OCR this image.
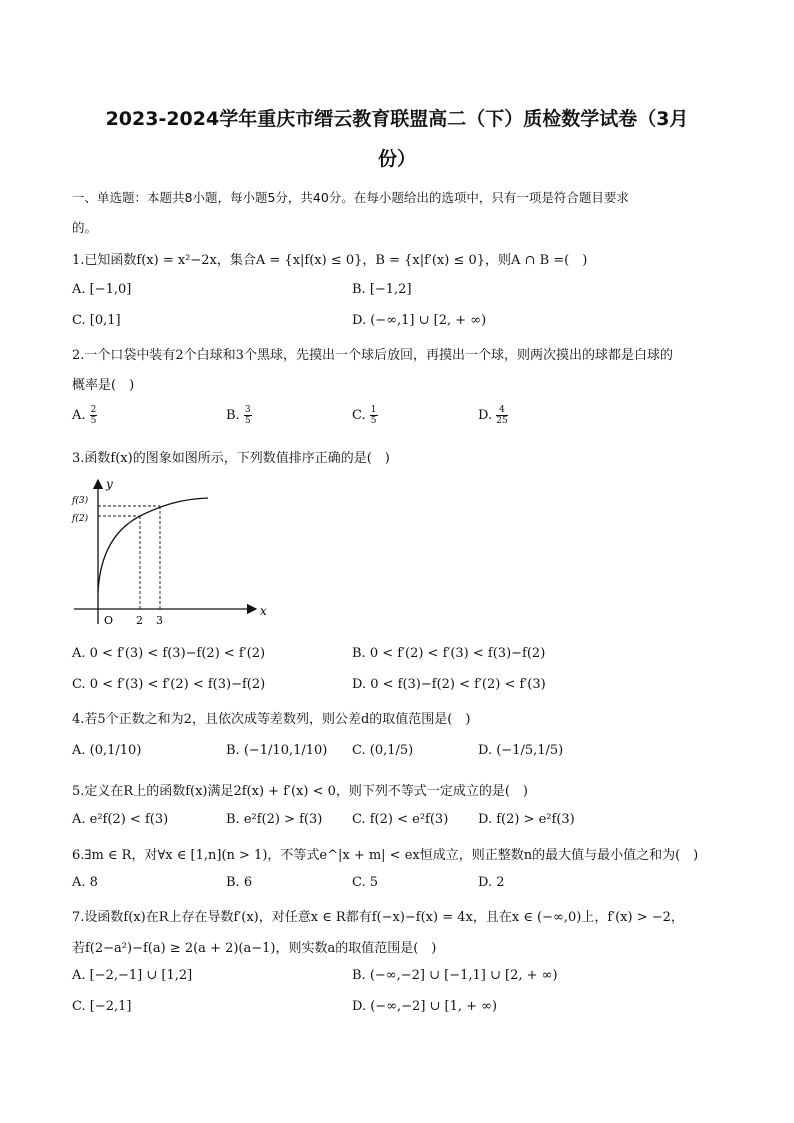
2023-2024学年重庆市缙云教育联盟高二（下）质检数学试卷（3月
份）
一、单选题：本题共8小题，每小题5分，共40分。在每小题给出的选项中，只有一项是符合题目要求
的。
1.已知函数f(x) = x²−2x，集合A = {x|f(x) ≤ 0}，B = {x|f′(x) ≤ 0}，则A ∩ B =(　)
A. [−1,0]	B. [−1,2]
C. [0,1]	D. (−∞,1] ∪ [2, + ∞)
2.一个口袋中装有2个白球和3个黑球，先摸出一个球后放回，再摸出一个球，则两次摸出的球都是白球的
概率是(　)
A. $\frac{2}{5}$	B. $\frac{3}{5}$	C. $\frac{1}{5}$	D. $\frac{4}{25}$
3.函数f(x)的图象如图所示，下列数值排序正确的是(　)
y
x
O
f(3)
f(2)
2 3
A. 0 < f′(3) < f(3)−f(2) < f′(2)	B. 0 < f′(2) < f′(3) < f(3)−f(2)
C. 0 < f′(3) < f′(2) < f(3)−f(2)	D. 0 < f(3)−f(2) < f′(2) < f′(3)
4.若5个正数之和为2，且依次成等差数列，则公差d的取值范围是(　)
A. (0,1/10)	B. (−1/10,1/10) C. (0,1/5)	D. (−1/5,1/5)
5.定义在R上的函数f(x)满足2f(x) + f′(x) < 0，则下列不等式一定成立的是(　)
A. e²f(2) < f(3)	B. e²f(2) > f(3) C. f(2) < e²f(3) D. f(2) > e²f(3)
6.∃m ∈ R，对∀x ∈ [1,n](n > 1)，不等式e^|x + m| < ex恒成立，则正整数n的最大值与最小值之和为(　)
A. 8	B. 6	C. 5	D. 2
7.设函数f(x)在R上存在导数f′(x)，对任意x ∈ R都有f(−x)−f(x) = 4x，且在x ∈ (−∞,0)上，f′(x) > −2，
若f(2−a²)−f(a) ≥ 2(a + 2)(a−1)，则实数a的取值范围是(　)
A. [−2,−1] ∪ [1,2]	B. (−∞,−2] ∪ [−1,1] ∪ [2, + ∞)
C. [−2,1]	D. (−∞,−2] ∪ [1, + ∞)
